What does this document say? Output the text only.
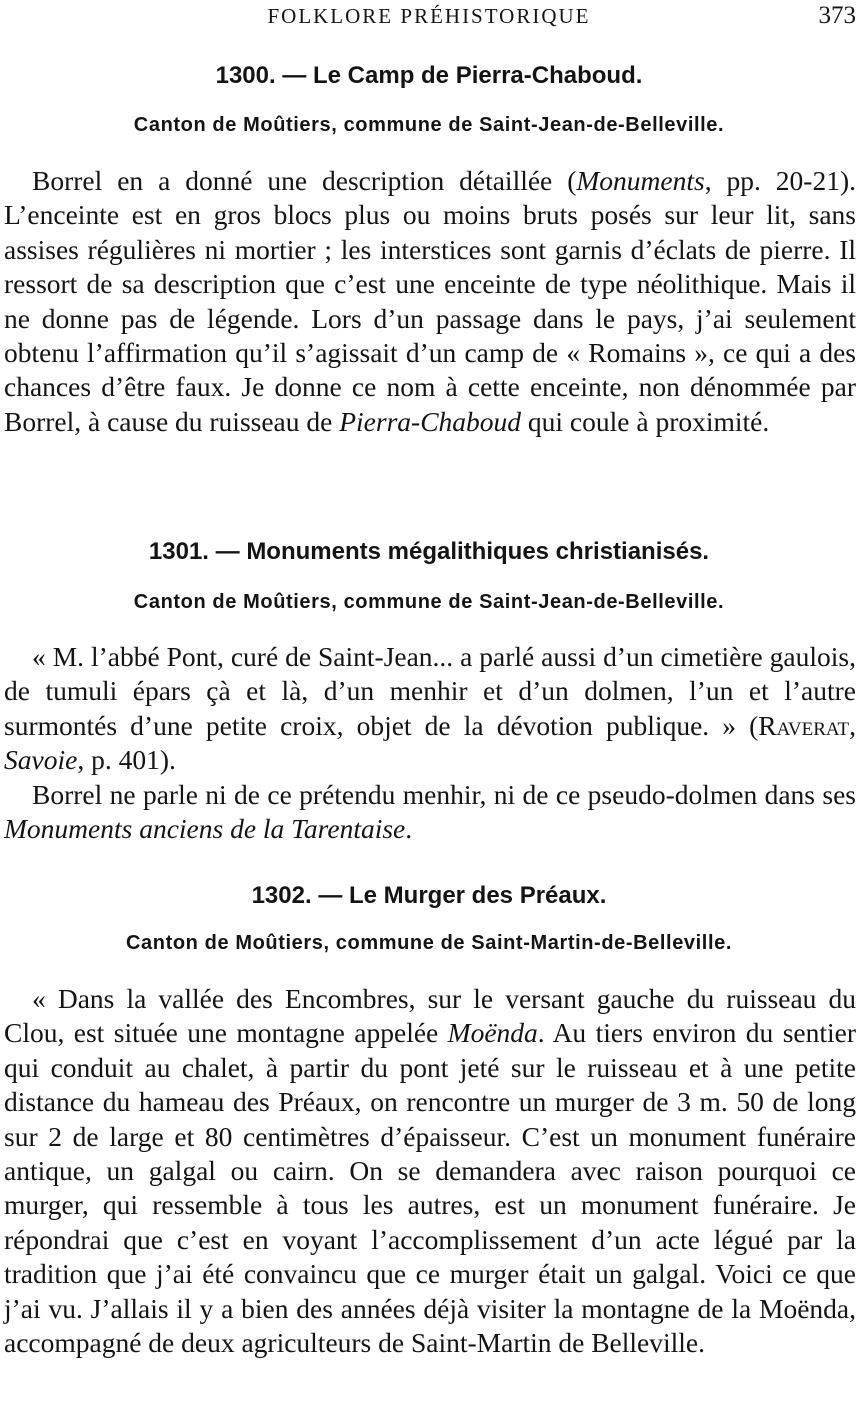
FOLKLORE PRÉHISTORIQUE	373
1300. — Le Camp de Pierra-Chaboud.
Canton de Moûtiers, commune de Saint-Jean-de-Belleville.

Borrel en a donné une description détaillée (Monuments, pp. 20-21). L’enceinte est en gros blocs plus ou moins bruts posés sur leur lit, sans assises régulières ni mortier ; les interstices sont garnis d’éclats de pierre. Il ressort de sa description que c’est une enceinte de type néolithique. Mais il ne donne pas de légende. Lors d’un passage dans le pays, j’ai seulement obtenu l’affirmation qu’il s’agissait d’un camp de « Romains », ce qui a des chances d’être faux. Je donne ce nom à cette enceinte, non dénommée par Borrel, à cause du ruisseau de Pierra-Chaboud qui coule à proximité.

1301. — Monuments mégalithiques christianisés.
Canton de Moûtiers, commune de Saint-Jean-de-Belleville.

« M. l’abbé Pont, curé de Saint-Jean... a parlé aussi d’un cimetière gaulois, de tumuli épars çà et là, d’un menhir et d’un dolmen, l’un et l’autre surmontés d’une petite croix, objet de la dévotion publique. » (Raverat, Savoie, p. 401).

Borrel ne parle ni de ce prétendu menhir, ni de ce pseudo-dolmen dans ses Monuments anciens de la Tarentaise.

1302. — Le Murger des Préaux.
Canton de Moûtiers, commune de Saint-Martin-de-Belleville.

« Dans la vallée des Encombres, sur le versant gauche du ruisseau du Clou, est située une montagne appelée Moënda. Au tiers environ du sentier qui conduit au chalet, à partir du pont jeté sur le ruisseau et à une petite distance du hameau des Préaux, on rencontre un murger de 3 m. 50 de long sur 2 de large et 80 centimètres d’épaisseur. C’est un monument funéraire antique, un galgal ou cairn. On se demandera avec raison pourquoi ce murger, qui ressemble à tous les autres, est un monument funéraire. Je répondrai que c’est en voyant l’accomplissement d’un acte légué par la tradition que j’ai été convaincu que ce murger était un galgal. Voici ce que j’ai vu. J’allais il y a bien des années déjà visiter la montagne de la Moënda, accompagné de deux agriculteurs de Saint-Martin de Belleville.
